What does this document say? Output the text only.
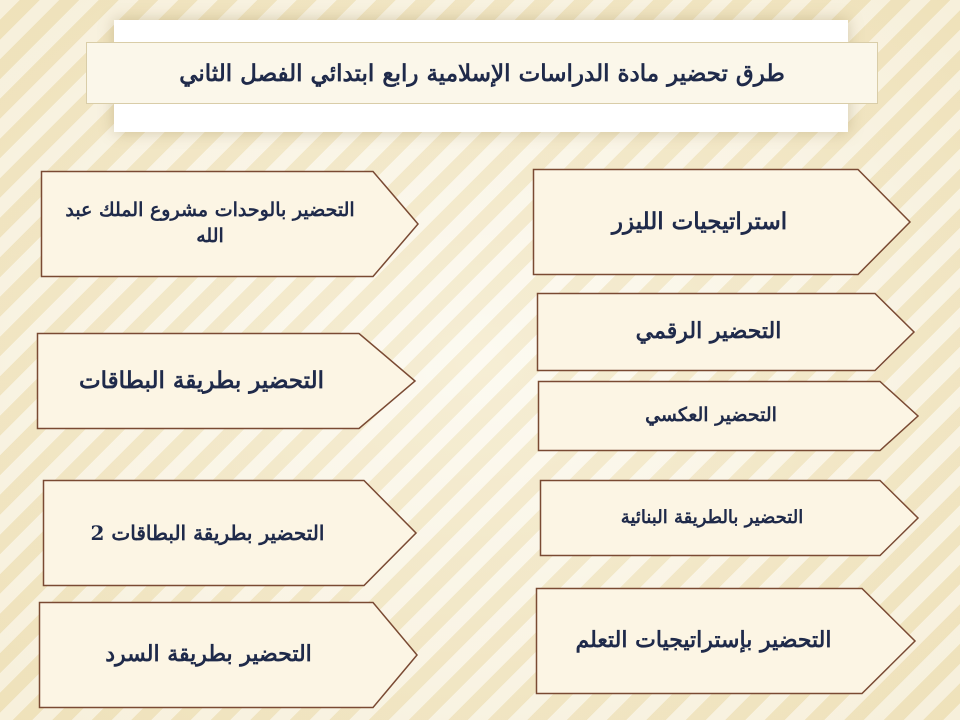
طرق تحضير مادة الدراسات الإسلامية رابع ابتدائي الفصل الثاني
التحضير بالوحدات مشروع الملك عبد الله
استراتيجيات الليزر
التحضير الرقمي
التحضير بطريقة البطاقات
التحضير العكسي
التحضير بالطريقة البنائية
التحضير بطريقة البطاقات 2
التحضير بإستراتيجيات التعلم
التحضير بطريقة السرد
